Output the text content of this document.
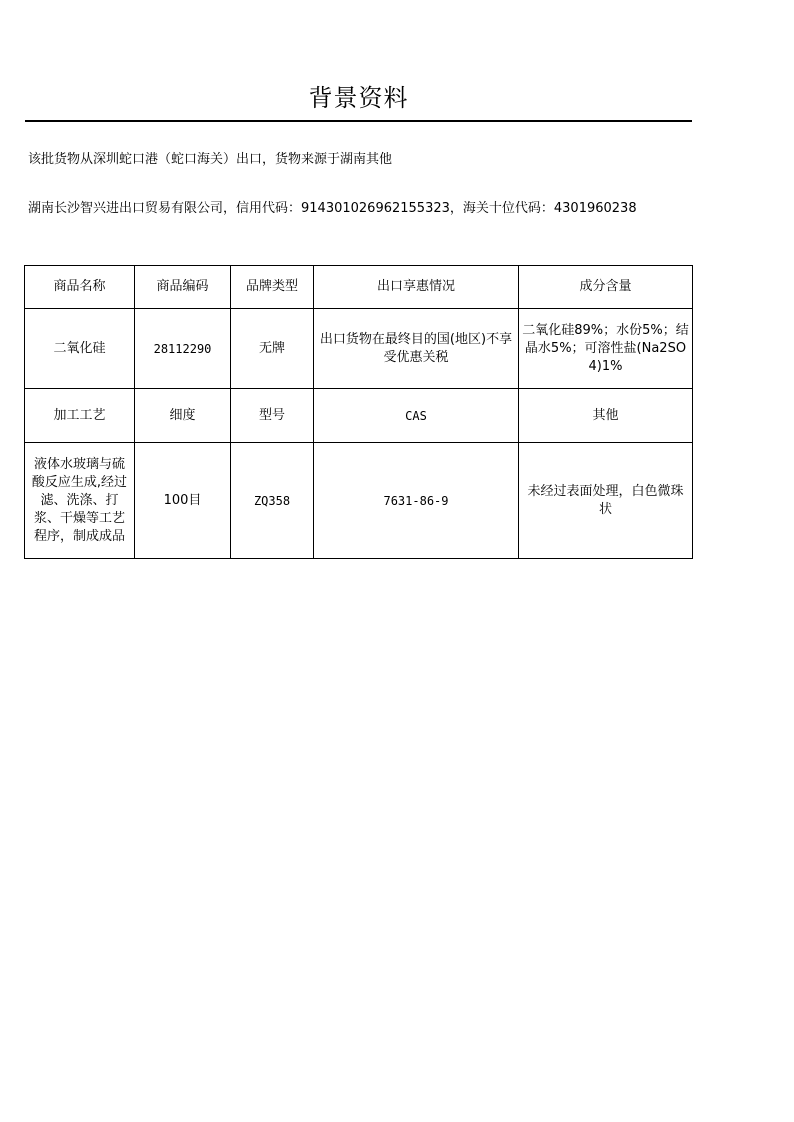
背景资料
该批货物从深圳蛇口港（蛇口海关）出口，货物来源于湖南其他
湖南长沙智兴进出口贸易有限公司，信用代码：914301026962155323，海关十位代码：4301960238
商品名称	商品编码	品牌类型	出口享惠情况	成分含量
二氧化硅	28112290	无牌	出口货物在最终目的国(地区)不享受优惠关税	二氧化硅89%；水份5%；结晶水5%；可溶性盐(Na2SO4)1%
加工工艺	细度	型号	CAS	其他
液体水玻璃与硫酸反应生成,经过滤、洗涤、打浆、干燥等工艺程序，制成成品	100目	ZQ358	7631-86-9	未经过表面处理，白色微珠状
